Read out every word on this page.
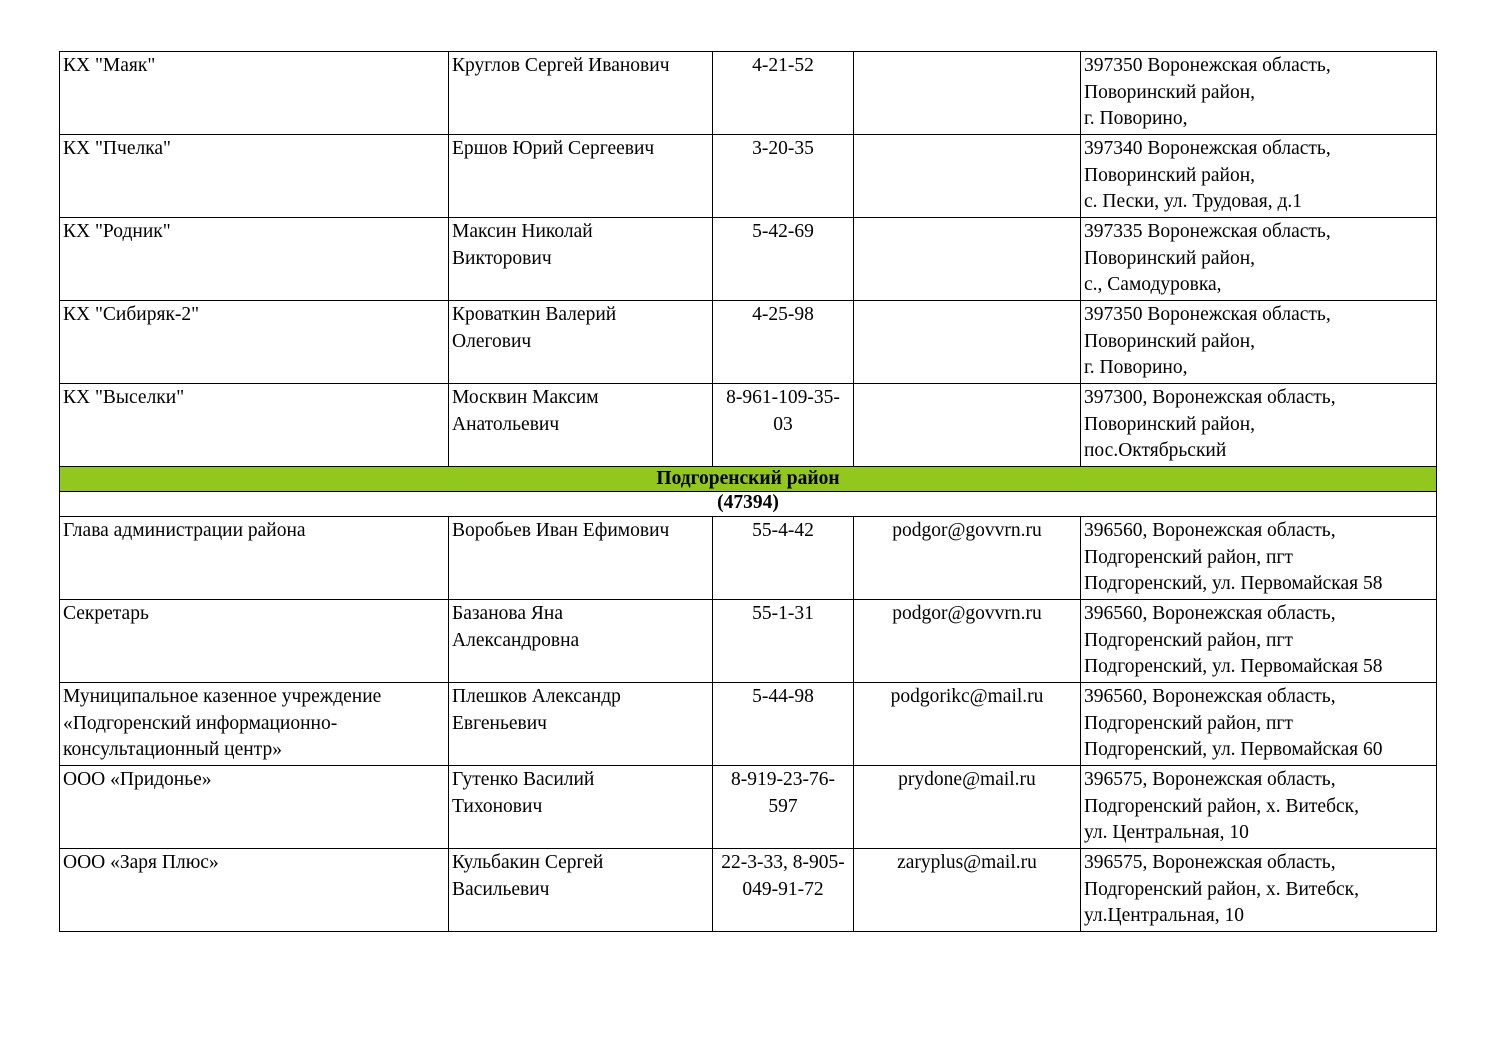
КХ "Маяк"	Круглов Сергей Иванович	4-21-52		397350 Воронежская область,
Поворинский район,
г. Поворино,
КХ "Пчелка"	Ершов Юрий Сергеевич	3-20-35		397340 Воронежская область,
Поворинский район,
с. Пески, ул. Трудовая, д.1
КХ "Родник"	Максин Николай
Викторович	5-42-69		397335 Воронежская область,
Поворинский район,
с., Самодуровка,
КХ "Сибиряк-2"	Кроваткин Валерий
Олегович	4-25-98		397350 Воронежская область,
Поворинский район,
г. Поворино,
КХ "Выселки"	Москвин Максим
Анатольевич	8-961-109-35-
03		397300, Воронежская область,
Поворинский район,
пос.Октябрьский
Подгоренский район				
(47394)				
Глава администрации района	Воробьев Иван Ефимович	55-4-42	podgor@govvrn.ru	396560, Воронежская область,
Подгоренский район, пгт
Подгоренский, ул. Первомайская 58
Секретарь	Базанова Яна
Александровна	55-1-31	podgor@govvrn.ru	396560, Воронежская область,
Подгоренский район, пгт
Подгоренский, ул. Первомайская 58
Муниципальное казенное учреждение
«Подгоренский информационно-
консультационный центр»	Плешков Александр
Евгеньевич	5-44-98	podgorikc@mail.ru	396560, Воронежская область,
Подгоренский район, пгт
Подгоренский, ул. Первомайская 60
ООО «Придонье»	Гутенко Василий
Тихонович	8-919-23-76-
597	prydone@mail.ru	396575, Воронежская область,
Подгоренский район, х. Витебск,
ул. Центральная, 10
ООО «Заря Плюс»	Кульбакин Сергей
Васильевич	22-3-33, 8-905-
049-91-72	zaryplus@mail.ru	396575, Воронежская область,
Подгоренский район, х. Витебск,
ул.Центральная, 10
